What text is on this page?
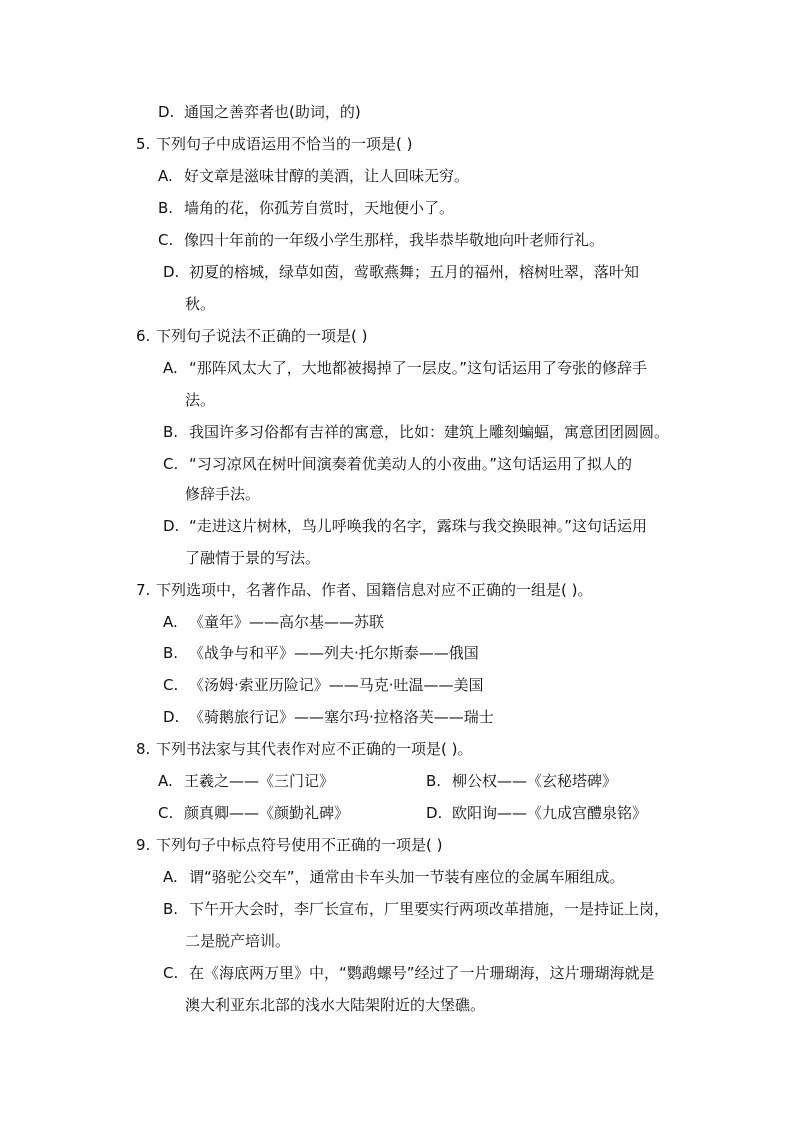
D. 通国之善弈者也(助词，的)
5. 下列句子中成语运用不恰当的一项是( )
A. 好文章是滋味甘醇的美酒，让人回味无穷。
B. 墙角的花，你孤芳自赏时，天地便小了。
C. 像四十年前的一年级小学生那样，我毕恭毕敬地向叶老师行礼。
D. 初夏的榕城，绿草如茵，莺歌燕舞；五月的福州，榕树吐翠，落叶知
秋。
6. 下列句子说法不正确的一项是( )
A. “那阵风太大了，大地都被揭掉了一层皮。”这句话运用了夸张的修辞手
法。
B. 我国许多习俗都有吉祥的寓意，比如：建筑上雕刻蝙蝠，寓意团团圆圆。
C. “习习凉风在树叶间演奏着优美动人的小夜曲。”这句话运用了拟人的
修辞手法。
D. “走进这片树林，鸟儿呼唤我的名字，露珠与我交换眼神。”这句话运用
了融情于景的写法。
7. 下列选项中，名著作品、作者、国籍信息对应不正确的一组是( )。
A. 《童年》——高尔基——苏联
B. 《战争与和平》——列夫·托尔斯泰——俄国
C. 《汤姆·索亚历险记》——马克·吐温——美国
D. 《骑鹅旅行记》——塞尔玛·拉格洛芙——瑞士
8. 下列书法家与其代表作对应不正确的一项是( )。
A. 王羲之——《三门记》	B. 柳公权——《玄秘塔碑》
C. 颜真卿——《颜勤礼碑》	D. 欧阳询——《九成宫醴泉铭》
9. 下列句子中标点符号使用不正确的一项是( )
A. 谓“骆驼公交车”，通常由卡车头加一节装有座位的金属车厢组成。
B. 下午开大会时，李厂长宣布，厂里要实行两项改革措施，一是持证上岗，
二是脱产培训。
C. 在《海底两万里》中，“鹦鹉螺号”经过了一片珊瑚海，这片珊瑚海就是
澳大利亚东北部的浅水大陆架附近的大堡礁。
